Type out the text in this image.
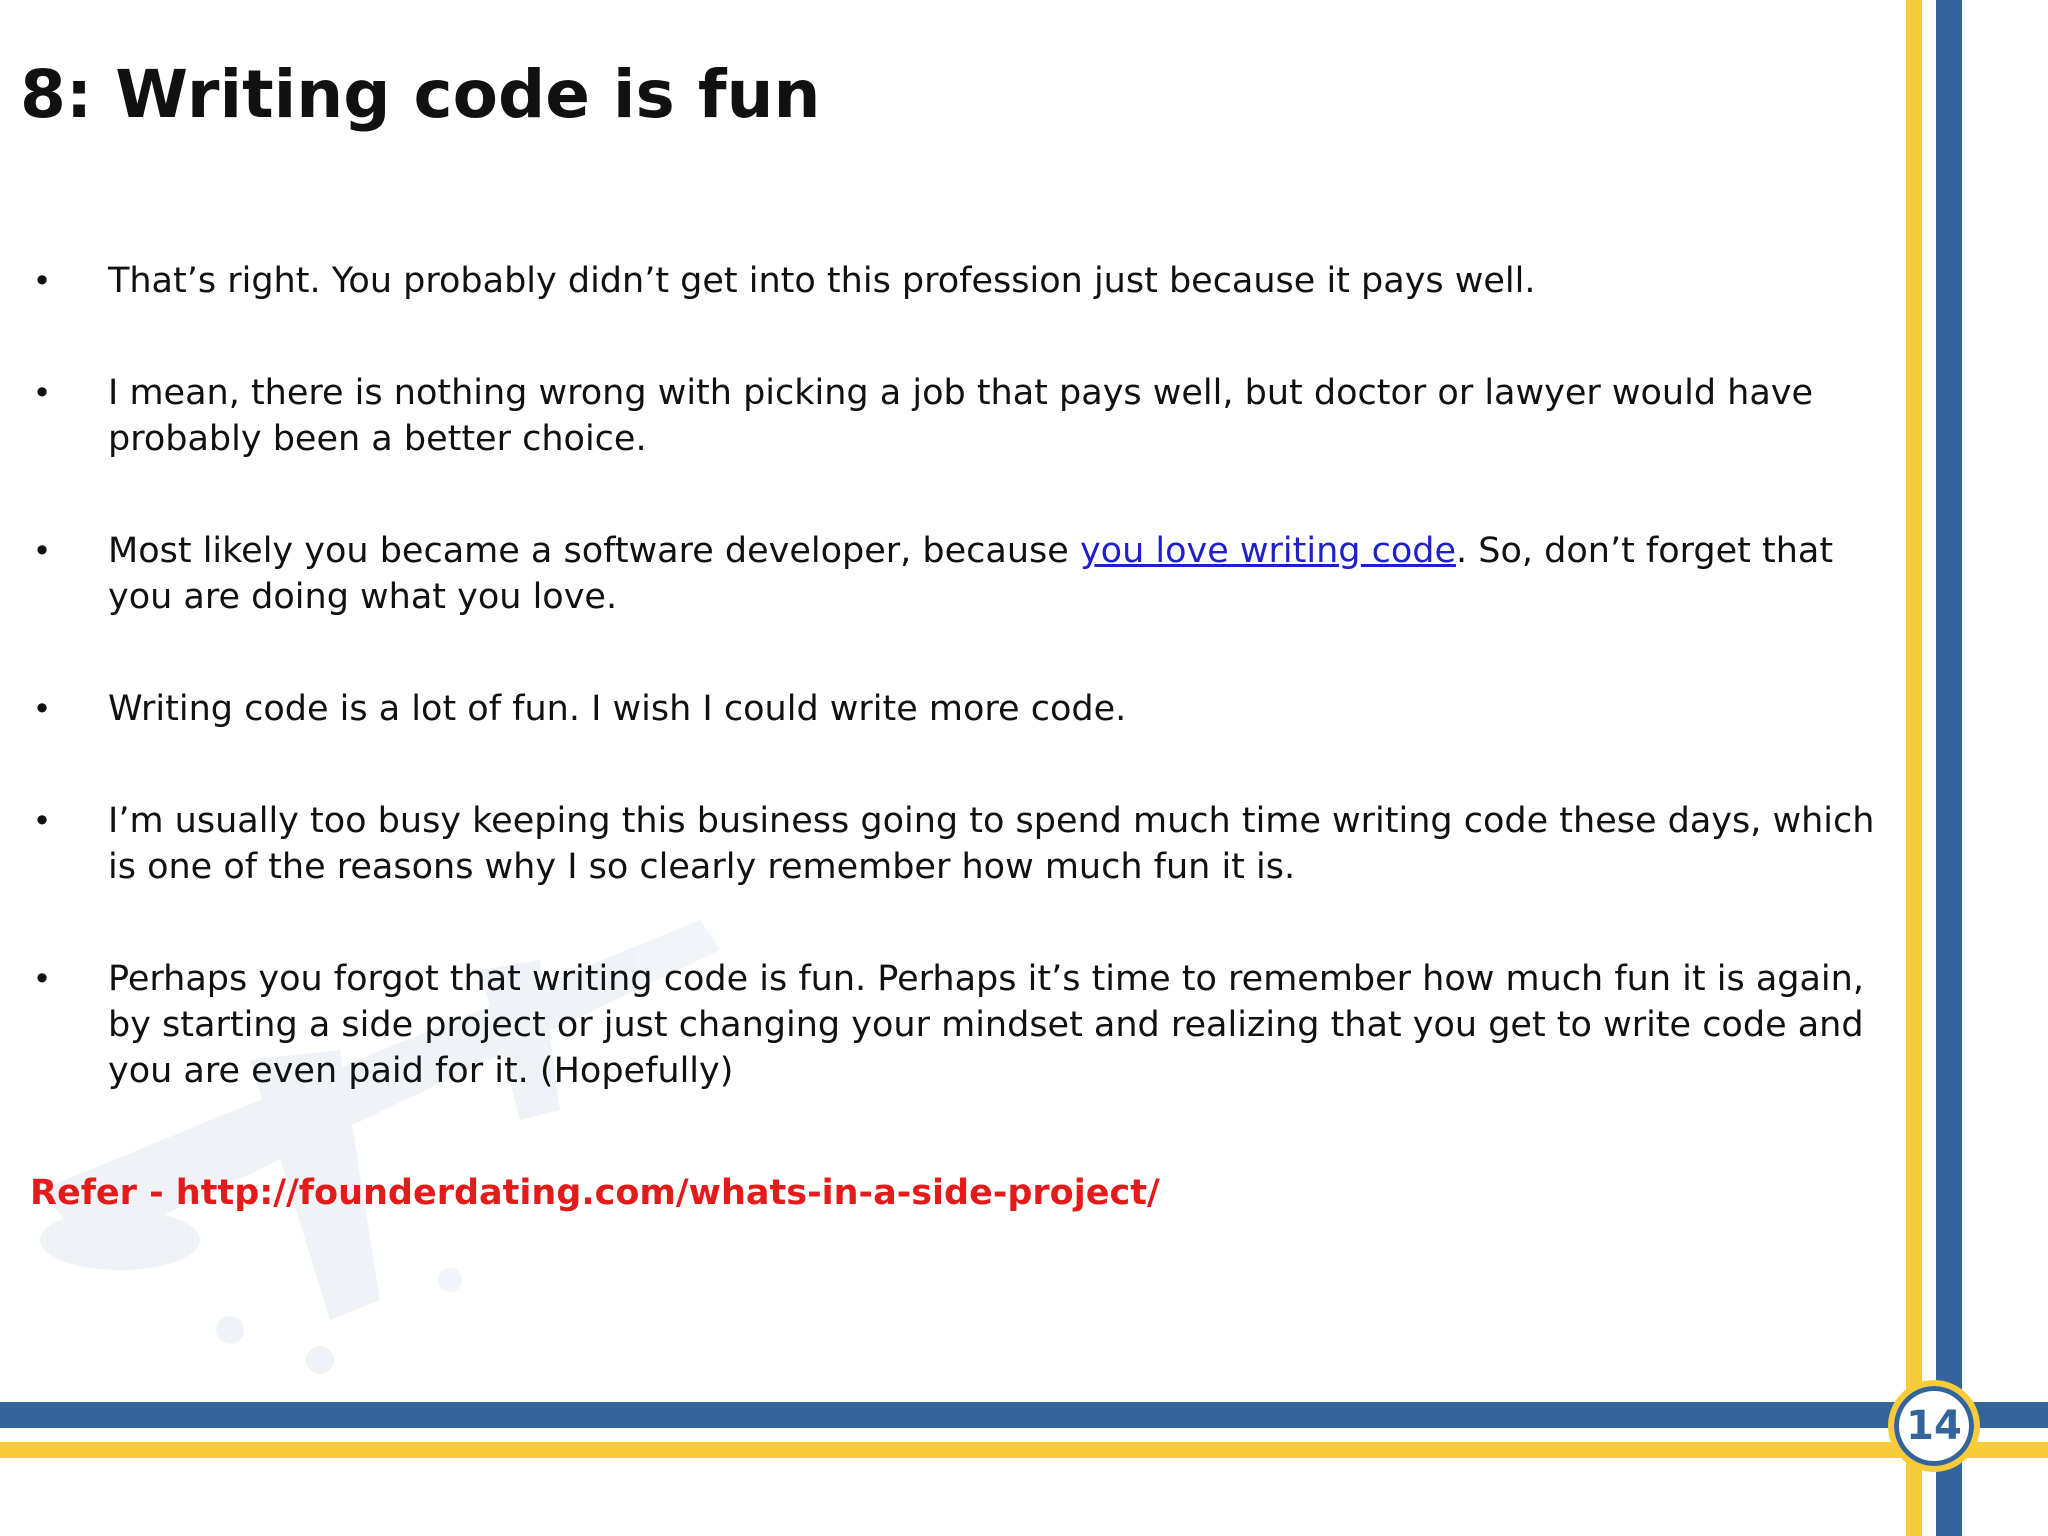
8: Writing code is fun
• That’s right. You probably didn’t get into this profession just because it pays well.
• I mean, there is nothing wrong with picking a job that pays well, but doctor or lawyer would have probably been a better choice.
• Most likely you became a software developer, because you love writing code. So, don’t forget that you are doing what you love.
• Writing code is a lot of fun. I wish I could write more code.
• I’m usually too busy keeping this business going to spend much time writing code these days, which is one of the reasons why I so clearly remember how much fun it is.
• Perhaps you forgot that writing code is fun. Perhaps it’s time to remember how much fun it is again, by starting a side project or just changing your mindset and realizing that you get to write code and you are even paid for it. (Hopefully)

Refer - http://founderdating.com/whats-in-a-side-project/

14
